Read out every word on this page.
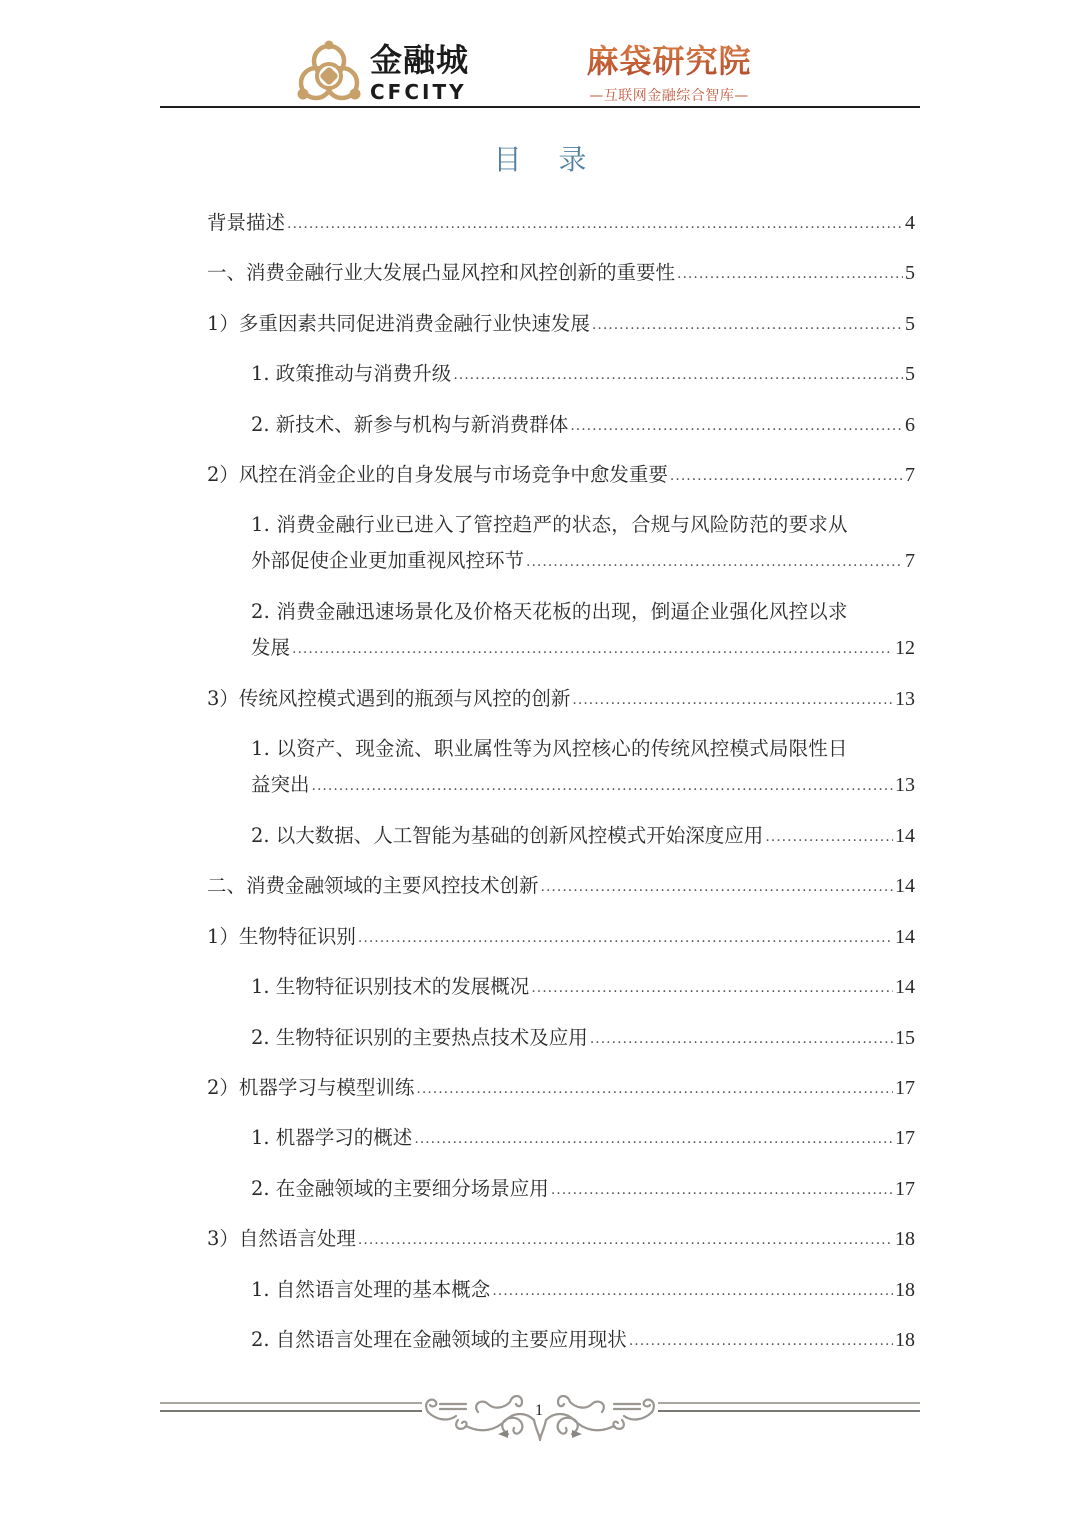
金融城
CFCITY
麻袋研究院
—互联网金融综合智库—
目 录
背景描述 .....	4
一、消费金融行业大发展凸显风控和风控创新的重要性 .....	5
1）多重因素共同促进消费金融行业快速发展 .....	5
1. 政策推动与消费升级 .....	5
2. 新技术、新参与机构与新消费群体 .....	6
2）风控在消金企业的自身发展与市场竞争中愈发重要 .....	7
1. 消费金融行业已进入了管控趋严的状态，合规与风险防范的要求从
外部促使企业更加重视风控环节 .....	7
2. 消费金融迅速场景化及价格天花板的出现，倒逼企业强化风控以求
发展 .....	12
3）传统风控模式遇到的瓶颈与风控的创新 .....	13
1. 以资产、现金流、职业属性等为风控核心的传统风控模式局限性日
益突出 .....	13
2. 以大数据、人工智能为基础的创新风控模式开始深度应用 .....	14
二、消费金融领域的主要风控技术创新 .....	14
1）生物特征识别 .....	14
1. 生物特征识别技术的发展概况 .....	14
2. 生物特征识别的主要热点技术及应用 .....	15
2）机器学习与模型训练 .....	17
1. 机器学习的概述 .....	17
2. 在金融领域的主要细分场景应用 .....	17
3）自然语言处理 .....	18
1. 自然语言处理的基本概念 .....	18
2. 自然语言处理在金融领域的主要应用现状 .....	18
1
